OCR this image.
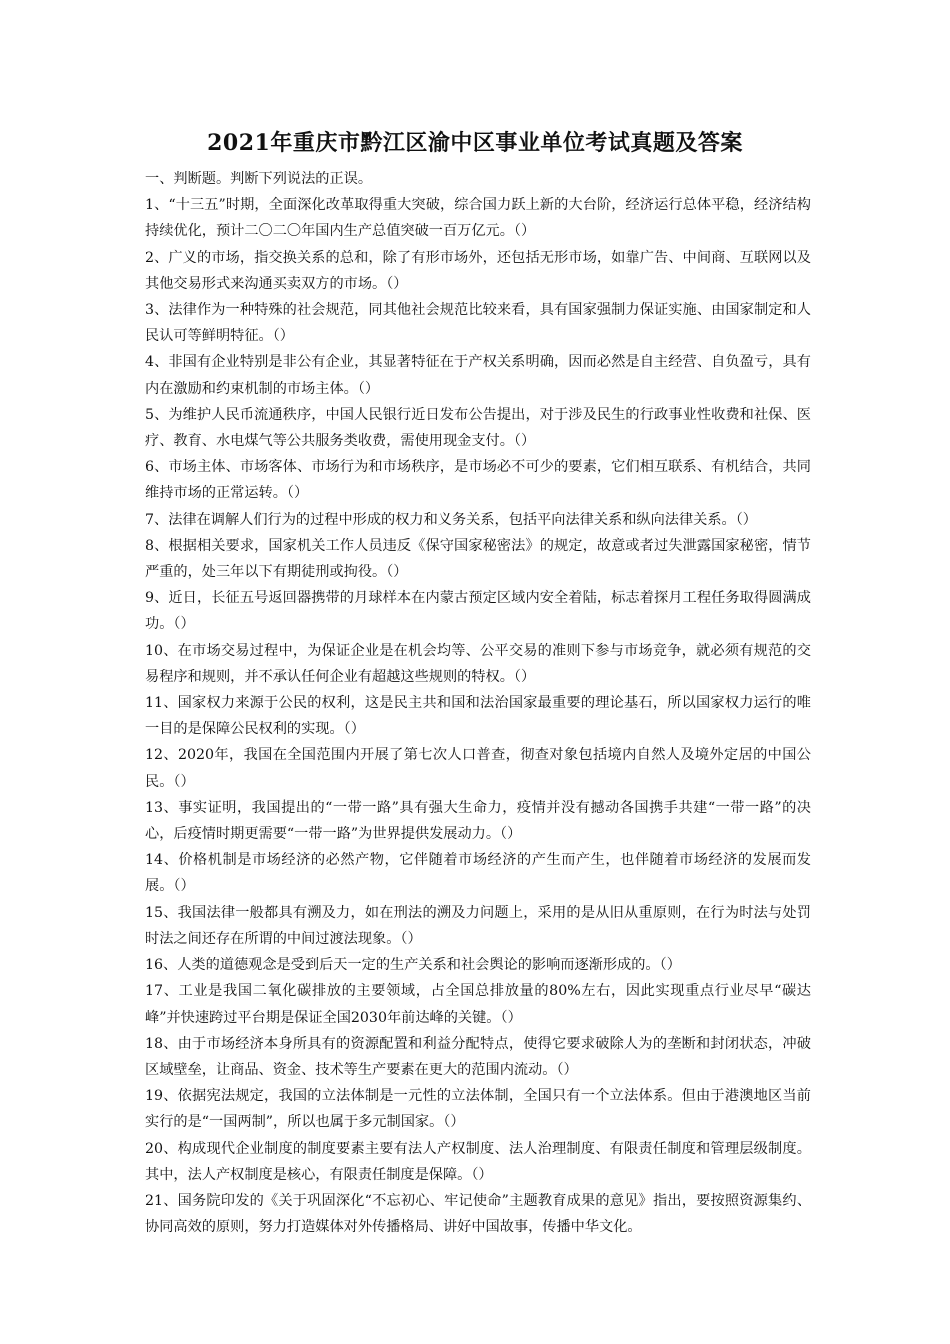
2021年重庆市黔江区渝中区事业单位考试真题及答案

一、判断题。判断下列说法的正误。

1、“十三五”时期，全面深化改革取得重大突破，综合国力跃上新的大台阶，经济运行总体平稳，经济结构持续优化，预计二〇二〇年国内生产总值突破一百万亿元。（）

2、广义的市场，指交换关系的总和，除了有形市场外，还包括无形市场，如靠广告、中间商、互联网以及其他交易形式来沟通买卖双方的市场。（）

3、法律作为一种特殊的社会规范，同其他社会规范比较来看，具有国家强制力保证实施、由国家制定和人民认可等鲜明特征。（）

4、非国有企业特别是非公有企业，其显著特征在于产权关系明确，因而必然是自主经营、自负盈亏，具有内在激励和约束机制的市场主体。（）

5、为维护人民币流通秩序，中国人民银行近日发布公告提出，对于涉及民生的行政事业性收费和社保、医疗、教育、水电煤气等公共服务类收费，需使用现金支付。（）

6、市场主体、市场客体、市场行为和市场秩序，是市场必不可少的要素，它们相互联系、有机结合，共同维持市场的正常运转。（）

7、法律在调解人们行为的过程中形成的权力和义务关系，包括平向法律关系和纵向法律关系。（）

8、根据相关要求，国家机关工作人员违反《保守国家秘密法》的规定，故意或者过失泄露国家秘密，情节严重的，处三年以下有期徒刑或拘役。（）

9、近日，长征五号返回器携带的月球样本在内蒙古预定区域内安全着陆，标志着探月工程任务取得圆满成功。（）

10、在市场交易过程中，为保证企业是在机会均等、公平交易的准则下参与市场竞争，就必须有规范的交易程序和规则，并不承认任何企业有超越这些规则的特权。（）

11、国家权力来源于公民的权利，这是民主共和国和法治国家最重要的理论基石，所以国家权力运行的唯一目的是保障公民权利的实现。（）

12、2020年，我国在全国范围内开展了第七次人口普查，彻查对象包括境内自然人及境外定居的中国公民。（）

13、事实证明，我国提出的“一带一路”具有强大生命力，疫情并没有撼动各国携手共建“一带一路”的决心，后疫情时期更需要“一带一路”为世界提供发展动力。（）

14、价格机制是市场经济的必然产物，它伴随着市场经济的产生而产生，也伴随着市场经济的发展而发展。（）

15、我国法律一般都具有溯及力，如在刑法的溯及力问题上，采用的是从旧从重原则，在行为时法与处罚时法之间还存在所谓的中间过渡法现象。（）

16、人类的道德观念是受到后天一定的生产关系和社会舆论的影响而逐渐形成的。（）

17、工业是我国二氧化碳排放的主要领域，占全国总排放量的80%左右，因此实现重点行业尽早“碳达峰”并快速跨过平台期是保证全国2030年前达峰的关键。（）

18、由于市场经济本身所具有的资源配置和利益分配特点，使得它要求破除人为的垄断和封闭状态，冲破区域壁垒，让商品、资金、技术等生产要素在更大的范围内流动。（）

19、依据宪法规定，我国的立法体制是一元性的立法体制，全国只有一个立法体系。但由于港澳地区当前实行的是“一国两制”，所以也属于多元制国家。（）

20、构成现代企业制度的制度要素主要有法人产权制度、法人治理制度、有限责任制度和管理层级制度。其中，法人产权制度是核心，有限责任制度是保障。（）

21、国务院印发的《关于巩固深化“不忘初心、牢记使命”主题教育成果的意见》指出，要按照资源集约、协同高效的原则，努力打造媒体对外传播格局、讲好中国故事，传播中华文化。
